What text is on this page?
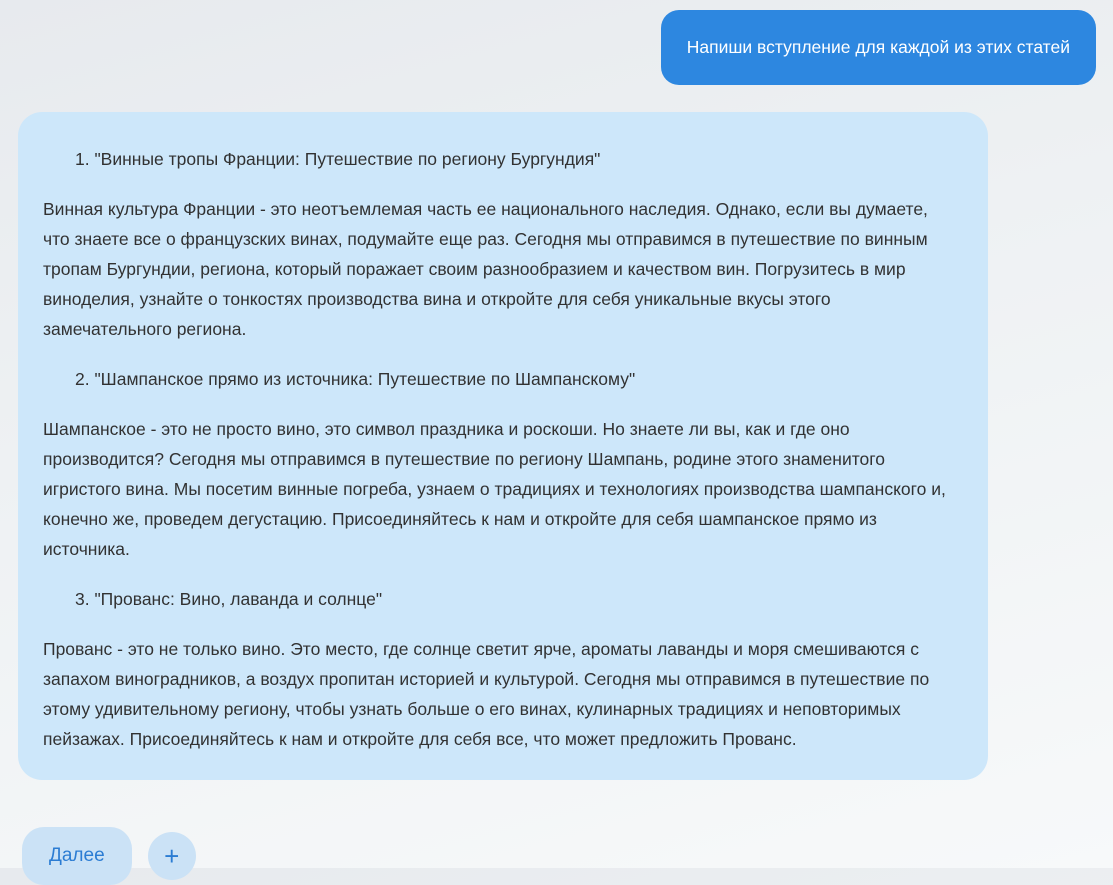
Напиши вступление для каждой из этих статей
1. "Винные тропы Франции: Путешествие по региону Бургундия"

Винная культура Франции - это неотъемлемая часть ее национального наследия. Однако, если вы думаете, что знаете все о французских винах, подумайте еще раз. Сегодня мы отправимся в путешествие по винным тропам Бургундии, региона, который поражает своим разнообразием и качеством вин. Погрузитесь в мир виноделия, узнайте о тонкостях производства вина и откройте для себя уникальные вкусы этого замечательного региона.

2. "Шампанское прямо из источника: Путешествие по Шампанскому"

Шампанское - это не просто вино, это символ праздника и роскоши. Но знаете ли вы, как и где оно производится? Сегодня мы отправимся в путешествие по региону Шампань, родине этого знаменитого игристого вина. Мы посетим винные погреба, узнаем о традициях и технологиях производства шампанского и, конечно же, проведем дегустацию. Присоединяйтесь к нам и откройте для себя шампанское прямо из источника.

3. "Прованс: Вино, лаванда и солнце"

Прованс - это не только вино. Это место, где солнце светит ярче, ароматы лаванды и моря смешиваются с запахом виноградников, а воздух пропитан историей и культурой. Сегодня мы отправимся в путешествие по этому удивительному региону, чтобы узнать больше о его винах, кулинарных традициях и неповторимых пейзажах. Присоединяйтесь к нам и откройте для себя все, что может предложить Прованс.

Далее	+
